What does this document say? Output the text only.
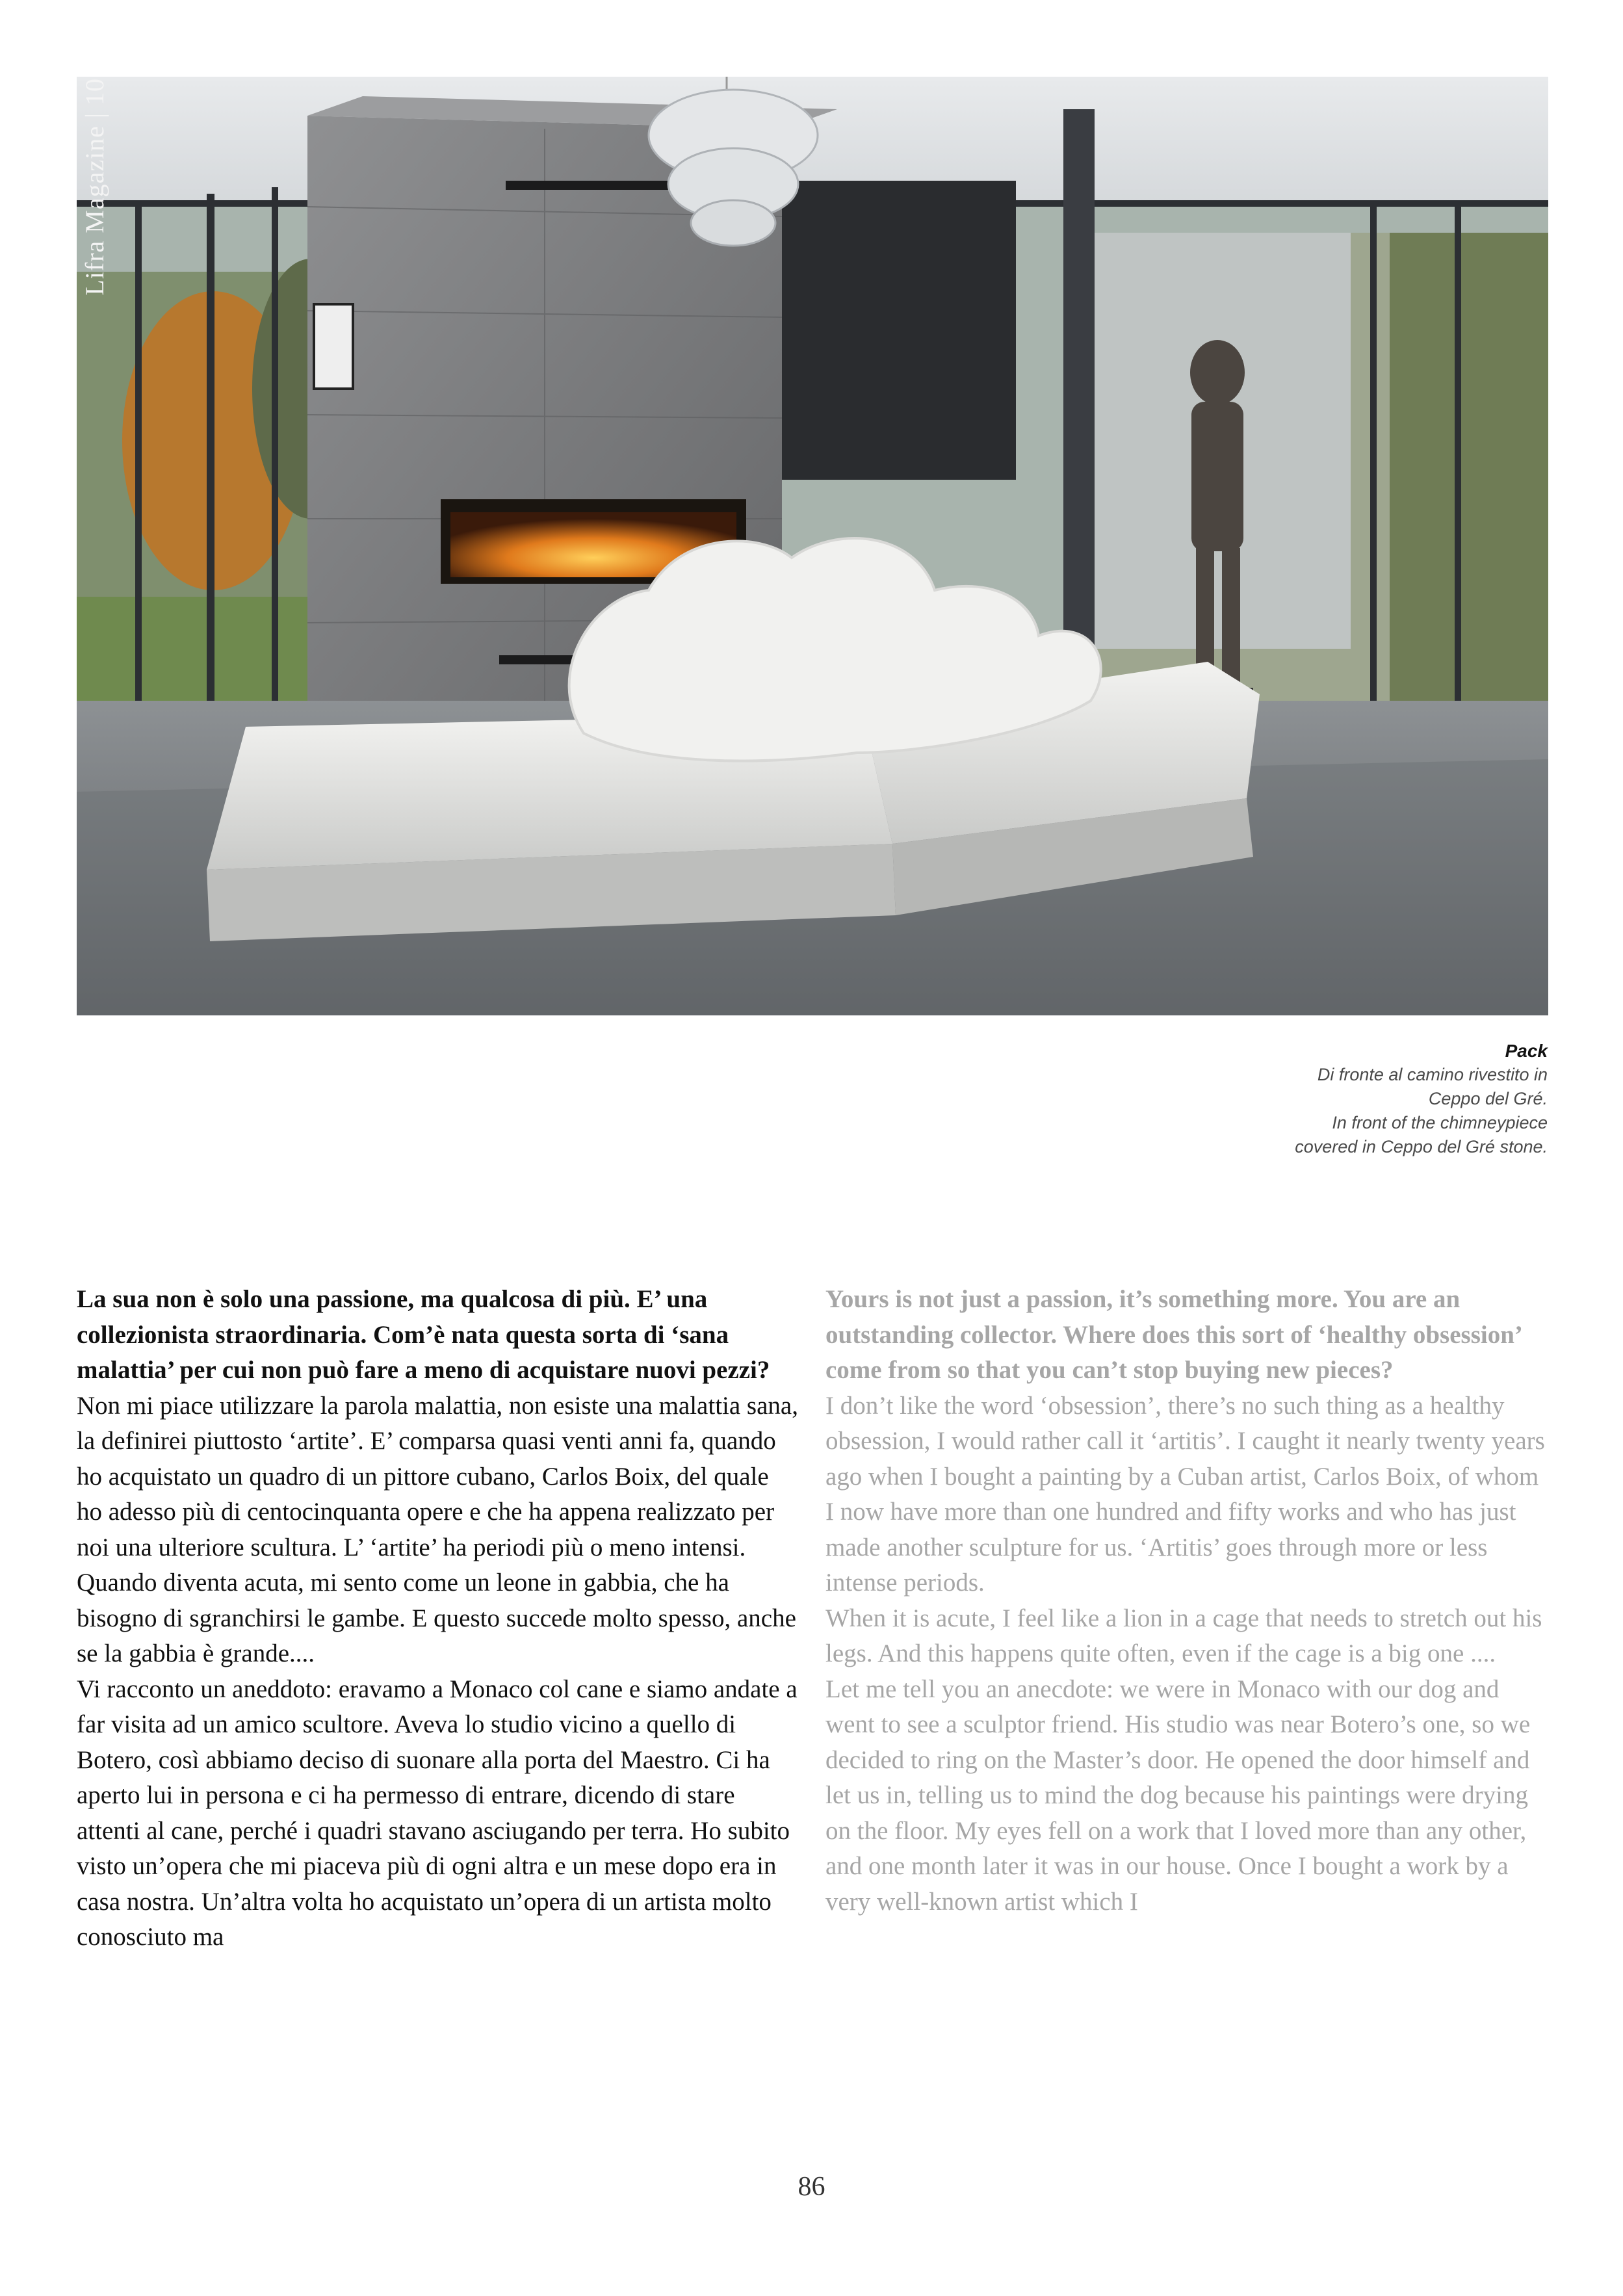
Lifra Magazine | 10
Pack
Di fronte al camino rivestito in
Ceppo del Gré.
In front of the chimneypiece
covered in Ceppo del Gré stone.

La sua non è solo una passione, ma qualcosa di più. E’ una collezionista straordinaria. Com’è nata questa sorta di ‘sana malattia’ per cui non può fare a meno di acquistare nuovi pezzi?

Non mi piace utilizzare la parola malattia, non esiste una malattia sana, la definirei piuttosto ‘artite’. E’ comparsa quasi venti anni fa, quando ho acquistato un quadro di un pittore cubano, Carlos Boix, del quale ho adesso più di centocinquanta opere e che ha appena realizzato per noi una ulteriore scultura. L’ ‘artite’ ha periodi più o meno intensi. Quando diventa acuta, mi sento come un leone in gabbia, che ha bisogno di sgranchirsi le gambe. E questo succede molto spesso, anche se la gabbia è grande....

Vi racconto un aneddoto: eravamo a Monaco col cane e siamo andate a far visita ad un amico scultore. Aveva lo studio vicino a quello di Botero, così abbiamo deciso di suonare alla porta del Maestro. Ci ha aperto lui in persona e ci ha permesso di entrare, dicendo di stare attenti al cane, perché i quadri stavano asciugando per terra. Ho subito visto un’opera che mi piaceva più di ogni altra e un mese dopo era in casa nostra. Un’altra volta ho acquistato un’opera di un artista molto conosciuto ma

Yours is not just a passion, it’s something more. You are an outstanding collector. Where does this sort of ‘healthy obsession’ come from so that you can’t stop buying new pieces?

I don’t like the word ‘obsession’, there’s no such thing as a healthy obsession, I would rather call it ‘artitis’. I caught it nearly twenty years ago when I bought a painting by a Cuban artist, Carlos Boix, of whom I now have more than one hundred and fifty works and who has just made another sculpture for us. ‘Artitis’ goes through more or less intense periods.

When it is acute, I feel like a lion in a cage that needs to stretch out his legs. And this happens quite often, even if the cage is a big one ....

Let me tell you an anecdote: we were in Monaco with our dog and went to see a sculptor friend. His studio was near Botero’s one, so we decided to ring on the Master’s door. He opened the door himself and let us in, telling us to mind the dog because his paintings were drying on the floor. My eyes fell on a work that I loved more than any other, and one month later it was in our house. Once I bought a work by a very well-known artist which I

86
